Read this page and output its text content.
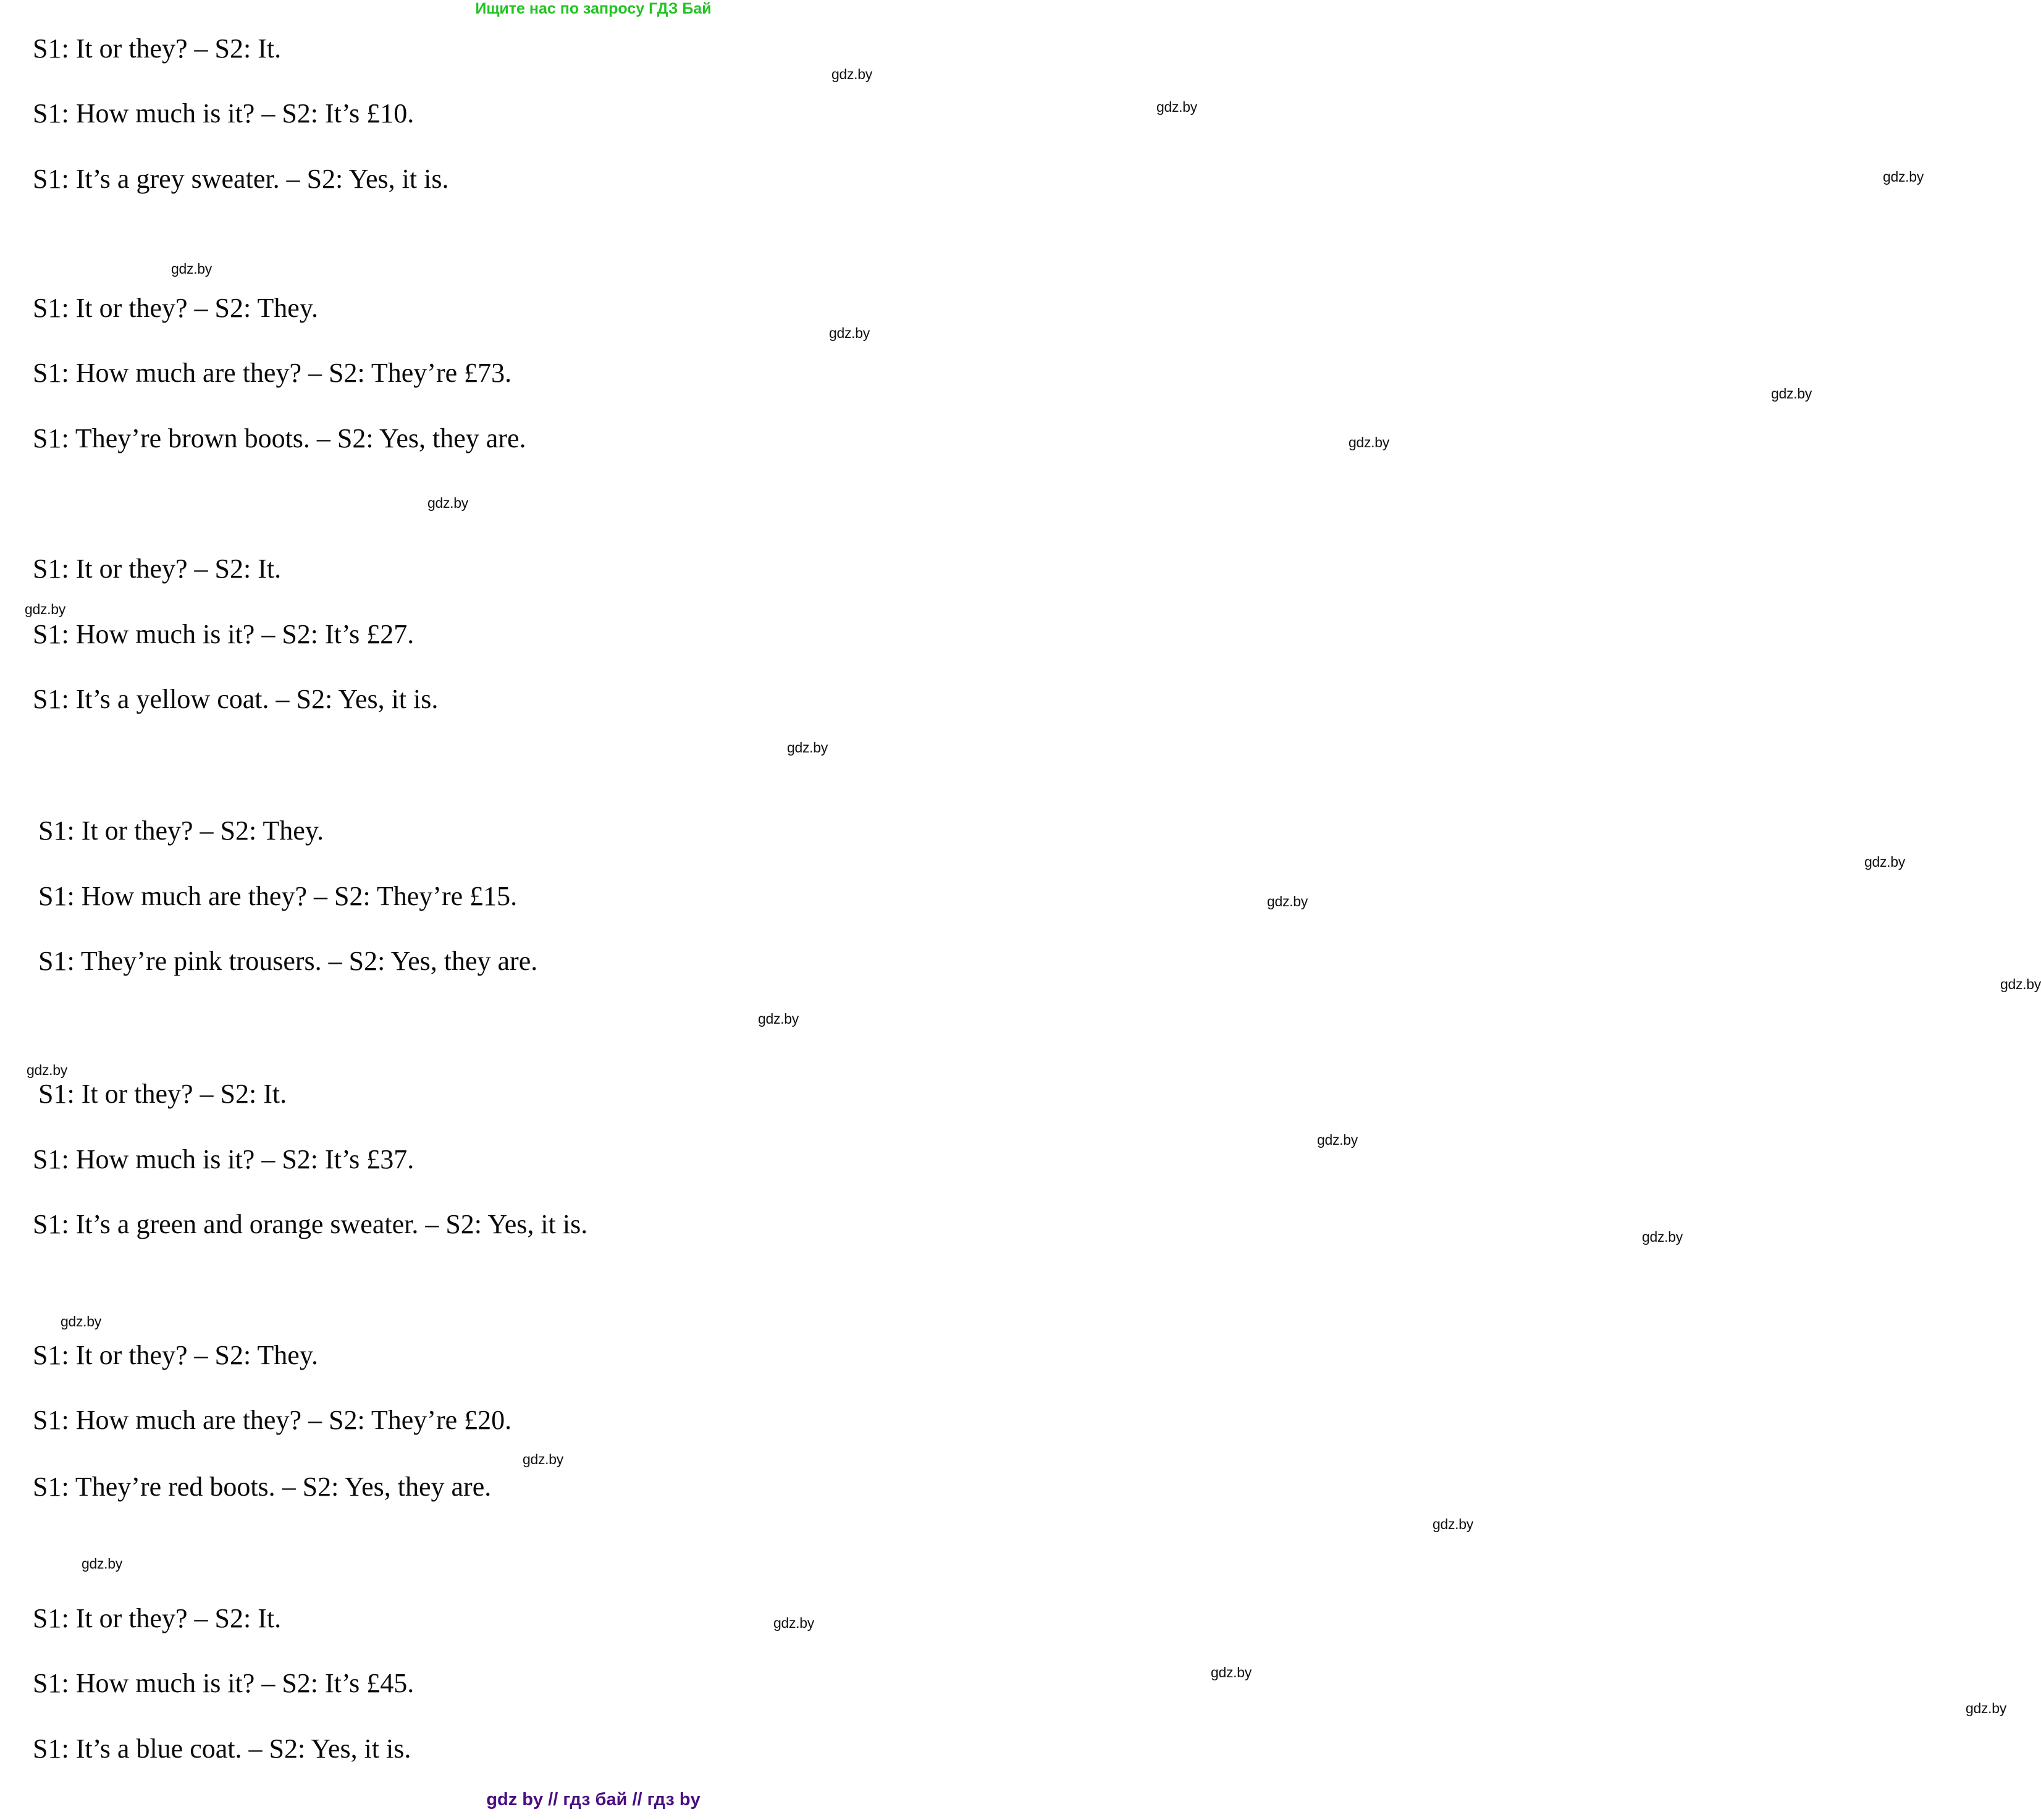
Ищите нас по запросу ГДЗ Бай
S1: It or they? – S2: It.
S1: How much is it? – S2: It’s £10.
S1: It’s a grey sweater. – S2: Yes, it is.
S1: It or they? – S2: They.
S1: How much are they? – S2: They’re £73.
S1: They’re brown boots. – S2: Yes, they are.
S1: It or they? – S2: It.
S1: How much is it? – S2: It’s £27.
S1: It’s a yellow coat. – S2: Yes, it is.
S1: It or they? – S2: They.
S1: How much are they? – S2: They’re £15.
S1: They’re pink trousers. – S2: Yes, they are.
S1: It or they? – S2: It.
S1: How much is it? – S2: It’s £37.
S1: It’s a green and orange sweater. – S2: Yes, it is.
S1: It or they? – S2: They.
S1: How much are they? – S2: They’re £20.
S1: They’re red boots. – S2: Yes, they are.
S1: It or they? – S2: It.
S1: How much is it? – S2: It’s £45.
S1: It’s a blue coat. – S2: Yes, it is.
gdz.by
gdz.by
gdz.by
gdz.by
gdz.by
gdz.by
gdz.by
gdz.by
gdz.by
gdz.by
gdz.by
gdz.by
gdz.by
gdz.by
gdz.by
gdz.by
gdz.by
gdz.by
gdz.by
gdz.by
gdz.by
gdz.by
gdz.by
gdz.by
gdz by // гдз бай // гдз by
